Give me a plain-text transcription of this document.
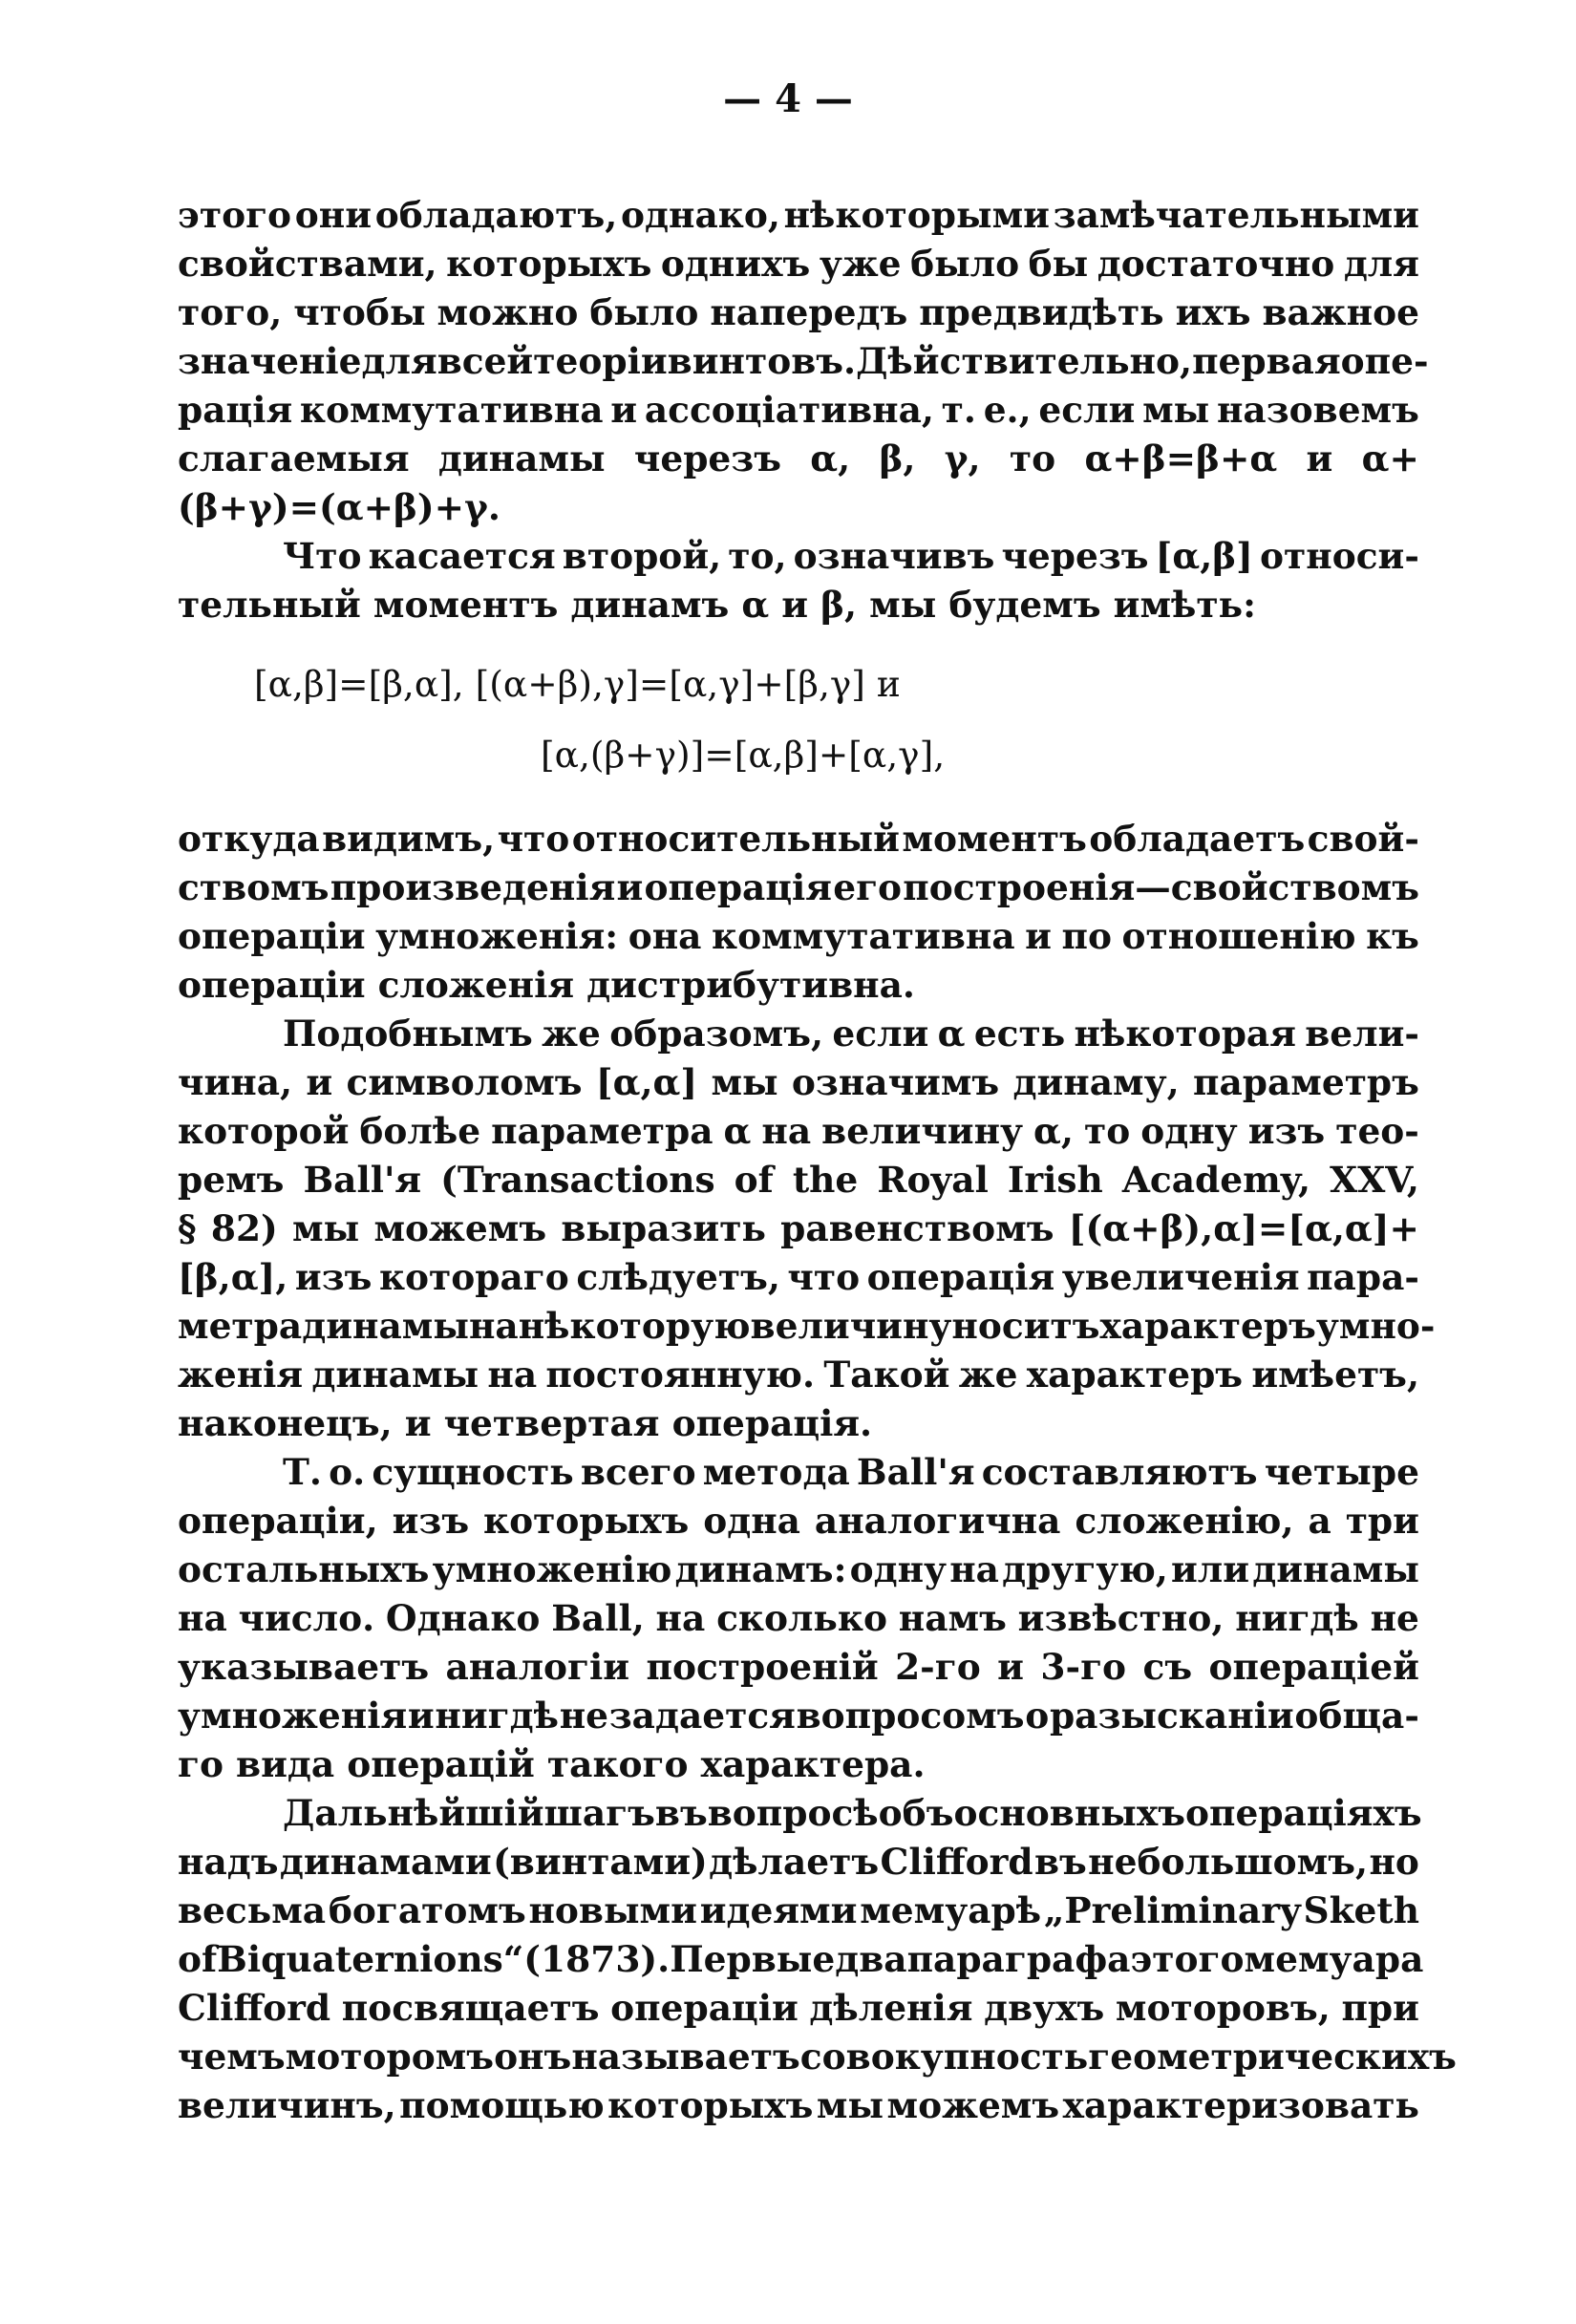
— 4 —
этого они обладаютъ, однако, нѣкоторыми замѣчательными
свойствами, которыхъ однихъ уже было бы достаточно для
того, чтобы можно было напередъ предвидѣть ихъ важное
значеніе для всей теоріи винтовъ. Дѣйствительно, первая опе-
рація коммутативна и ассоціативна, т. е., если мы назовемъ
слагаемыя динамы черезъ α, β, γ, то α+β=β+α и α+
(β+γ)=(α+β)+γ.
Что касается второй, то, означивъ черезъ [α,β] относи-
тельный моментъ динамъ α и β, мы будемъ имѣть:
[α,β]=[β,α], [(α+β),γ]=[α,γ]+[β,γ] и
[α,(β+γ)]=[α,β]+[α,γ],
откуда видимъ, что относительный моментъ обладаетъ свой-
ствомъ произведенія и операція его построенія—свойствомъ
операціи умноженія: она коммутативна и по отношенію къ
операціи сложенія дистрибутивна.
Подобнымъ же образомъ, если α есть нѣкоторая вели-
чина, и символомъ [α,α] мы означимъ динаму, параметръ
которой болѣе параметра α на величину α, то одну изъ тео-
ремъ Ball'я (Transactions of the Royal Irish Academy, XXV,
§ 82) мы можемъ выразить равенствомъ [(α+β),α]=[α,α]+
[β,α], изъ котораго слѣдуетъ, что операція увеличенія пара-
метра динамы на нѣкоторую величину носитъ характеръ умно-
женія динамы на постоянную. Такой же характеръ имѣетъ,
наконецъ, и четвертая операція.
Т. о. сущность всего метода Ball'я составляютъ четыре
операціи, изъ которыхъ одна аналогична сложенію, а три
остальныхъ умноженію динамъ: одну на другую, или динамы
на число. Однако Ball, на сколько намъ извѣстно, нигдѣ не
указываетъ аналогіи построеній 2-го и 3-го съ операціей
умноженія и нигдѣ не задается вопросомъ о разысканіи обща-
го вида операцій такого характера.
Дальнѣйшій шагъ въ вопросѣ объ основныхъ операціяхъ
надъ динамами (винтами) дѣлаетъ Clifford въ небольшомъ, но
весьма богатомъ новыми идеями мемуарѣ „Preliminary Sketh
of Biquaternions“ (1873). Первые два параграфа этого мемуара
Clifford посвящаетъ операціи дѣленія двухъ моторовъ, при
чемъ моторомъ онъ называетъ совокупность геометрическихъ
величинъ, помощью которыхъ мы можемъ характеризовать
